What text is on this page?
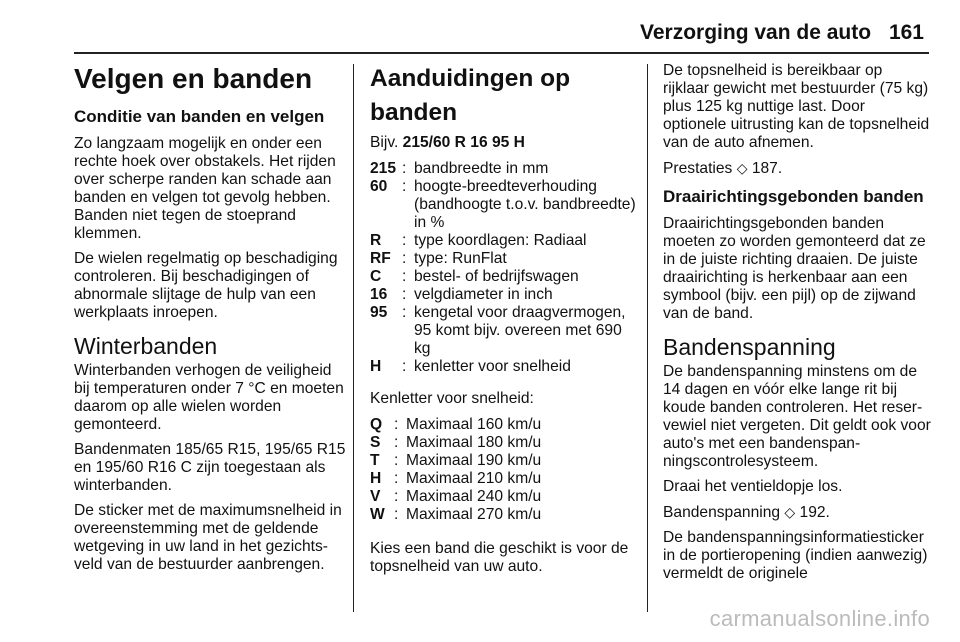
Verzorging van de auto 161
Velgen en banden
Conditie van banden en velgen
Zo langzaam mogelijk en onder een rechte hoek over obstakels. Het rijden over scherpe randen kan schade aan banden en velgen tot gevolg hebben. Banden niet tegen de stoeprand klemmen.
De wielen regelmatig op beschadiging controleren. Bij beschadigingen of abnormale slijtage de hulp van een werkplaats inroepen.
Winterbanden
Winterbanden verhogen de veiligheid bij temperaturen onder 7 °C en moeten daarom op alle wielen worden gemonteerd.
Bandenmaten 185/65 R15, 195/65 R15 en 195/60 R16 C zijn toegestaan als winterbanden.
De sticker met de maximumsnelheid in overeenstemming met de geldende wetgeving in uw land in het gezichtsveld van de bestuurder aanbrengen.
Aanduidingen op banden
Bijv. 215/60 R 16 95 H
215 : bandbreedte in mm
60 : hoogte-breedteverhouding (bandhoogte t.o.v. bandbreedte) in %
R	: type koordlagen: Radiaal
RF : type: RunFlat
C	: bestel- of bedrijfswagen
16 : velgdiameter in inch
95 : kengetal voor draagvermogen, 95 komt bijv. overeen met 690 kg
H	: kenletter voor snelheid
Kenletter voor snelheid:
Q : Maximaal 160 km/u
S : Maximaal 180 km/u
T : Maximaal 190 km/u
H : Maximaal 210 km/u
V : Maximaal 240 km/u
W : Maximaal 270 km/u
Kies een band die geschikt is voor de topsnelheid van uw auto.
De topsnelheid is bereikbaar op rijklaar gewicht met bestuurder (75 kg) plus 125 kg nuttige last. Door optionele uitrusting kan de topsnelheid van de auto afnemen.
Prestaties ◇ 187.
Draairichtingsgebonden banden
Draairichtingsgebonden banden moeten zo worden gemonteerd dat ze in de juiste richting draaien. De juiste draairichting is herkenbaar aan een symbool (bijv. een pijl) op de zijwand van de band.
Bandenspanning
De bandenspanning minstens om de 14 dagen en vóór elke lange rit bij koude banden controleren. Het reservewiel niet vergeten. Dit geldt ook voor auto's met een bandenspanningscontrolesysteem.
Draai het ventieldopje los.
Bandenspanning ◇ 192.
De bandenspanningsinformatiesticker in de portieropening (indien aanwezig) vermeldt de originele
carmanualsonline.info
